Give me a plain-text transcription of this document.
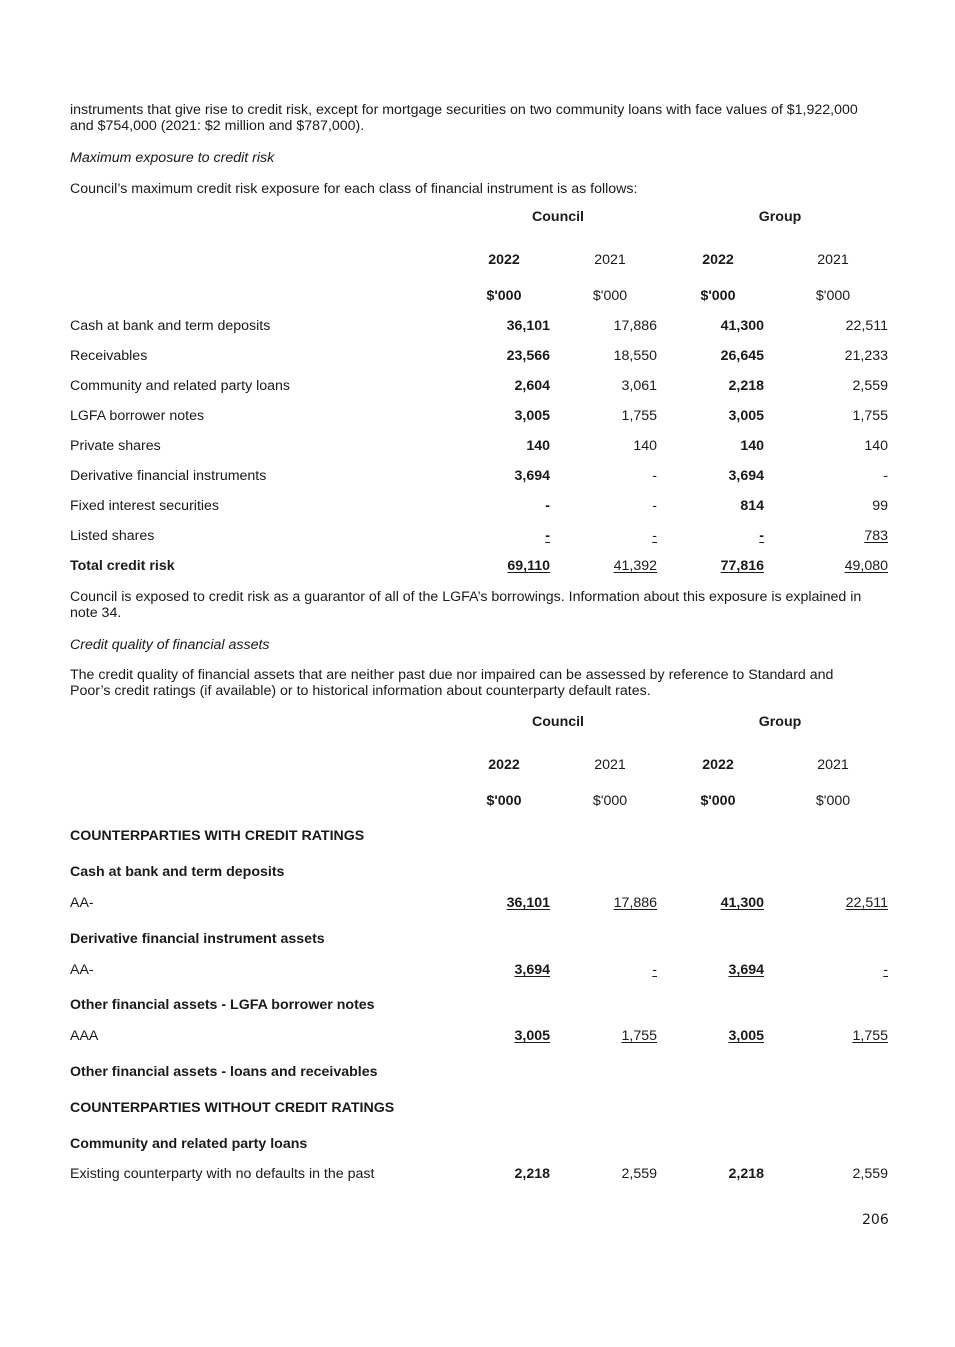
instruments that give rise to credit risk, except for mortgage securities on two community loans with face values of $1,922,000
and $754,000 (2021: $2 million and $787,000).
Maximum exposure to credit risk
Council’s maximum credit risk exposure for each class of financial instrument is as follows:
Council	Group
2022	2021	2022	2021
$'000	$'000	$'000	$'000
Cash at bank and term deposits	36,101	17,886	41,300	22,511
Receivables	23,566	18,550	26,645	21,233
Community and related party loans	2,604	3,061	2,218	2,559
LGFA borrower notes	3,005	1,755	3,005	1,755
Private shares	140	140	140	140
Derivative financial instruments	3,694	-	3,694	-
Fixed interest securities	-	-	814	99
Listed shares	-	-	-	783
Total credit risk	69,110	41,392	77,816	49,080
Council is exposed to credit risk as a guarantor of all of the LGFA’s borrowings. Information about this exposure is explained in
note 34.
Credit quality of financial assets
The credit quality of financial assets that are neither past due nor impaired can be assessed by reference to Standard and
Poor’s credit ratings (if available) or to historical information about counterparty default rates.
Council	Group
2022	2021	2022	2021
$'000	$'000	$'000	$'000
COUNTERPARTIES WITH CREDIT RATINGS
Cash at bank and term deposits
AA-	36,101	17,886	41,300	22,511
Derivative financial instrument assets
AA-	3,694	-	3,694	-
Other financial assets - LGFA borrower notes
AAA	3,005	1,755	3,005	1,755
Other financial assets - loans and receivables
COUNTERPARTIES WITHOUT CREDIT RATINGS
Community and related party loans
Existing counterparty with no defaults in the past	2,218	2,559	2,218	2,559
206
